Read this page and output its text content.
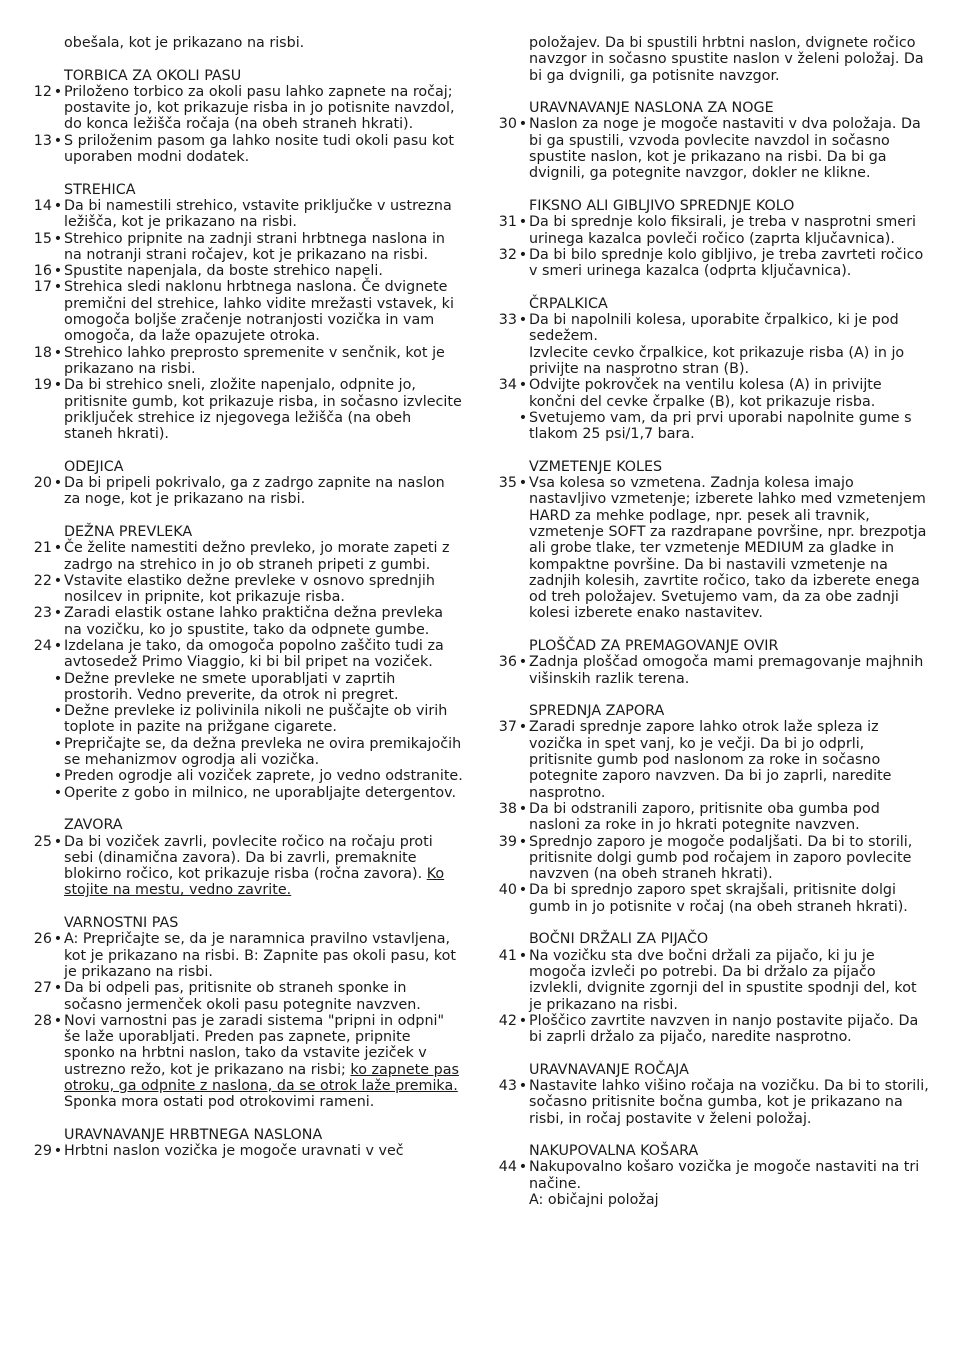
obešala, kot je prikazano na risbi.
TORBICA ZA OKOLI PASU
12 • Priloženo torbico za okoli pasu lahko zapnete na ročaj; postavite jo, kot prikazuje risba in jo potisnite navzdol, do konca ležišča ročaja (na obeh straneh hkrati).
13 • S priloženim pasom ga lahko nosite tudi okoli pasu kot uporaben modni dodatek.
STREHICA
14 • Da bi namestili strehico, vstavite priključke v ustrezna ležišča, kot je prikazano na risbi.
15 • Strehico pripnite na zadnji strani hrbtnega naslona in na notranji strani ročajev, kot je prikazano na risbi.
16 • Spustite napenjala, da boste strehico napeli.
17 • Strehica sledi naklonu hrbtnega naslona. Če dvignete premični del strehice, lahko vidite mrežasti vstavek, ki omogoča boljše zračenje notranjosti vozička in vam omogoča, da laže opazujete otroka.
18 • Strehico lahko preprosto spremenite v senčnik, kot je prikazano na risbi.
19 • Da bi strehico sneli, zložite napenjalo, odpnite jo, pritisnite gumb, kot prikazuje risba, in sočasno izvlecite priključek strehice iz njegovega ležišča (na obeh staneh hkrati).
ODEJICA
20 • Da bi pripeli pokrivalo, ga z zadrgo zapnite na naslon za noge, kot je prikazano na risbi.
DEŽNA PREVLEKA
21 • Če želite namestiti dežno prevleko, jo morate zapeti z zadrgo na strehico in jo ob straneh pripeti z gumbi.
22 • Vstavite elastiko dežne prevleke v osnovo sprednjih nosilcev in pripnite, kot prikazuje risba.
23 • Zaradi elastik ostane lahko praktična dežna prevleka na vozičku, ko jo spustite, tako da odpnete gumbe.
24 • Izdelana je tako, da omogoča popolno zaščito tudi za avtosedež Primo Viaggio, ki bi bil pripet na voziček.
• Dežne prevleke ne smete uporabljati v zaprtih prostorih. Vedno preverite, da otrok ni pregret.
• Dežne prevleke iz polivinila nikoli ne puščajte ob virih toplote in pazite na prižgane cigarete.
• Prepričajte se, da dežna prevleka ne ovira premikajočih se mehanizmov ogrodja ali vozička.
• Preden ogrodje ali voziček zaprete, jo vedno odstranite.
• Operite z gobo in milnico, ne uporabljajte detergentov.
ZAVORA
25 • Da bi voziček zavrli, povlecite ročico na ročaju proti sebi (dinamična zavora). Da bi zavrli, premaknite blokirno ročico, kot prikazuje risba (ročna zavora). Ko stojite na mestu, vedno zavrite.
VARNOSTNI PAS
26 • A: Prepričajte se, da je naramnica pravilno vstavljena, kot je prikazano na risbi. B: Zapnite pas okoli pasu, kot je prikazano na risbi.
27 • Da bi odpeli pas, pritisnite ob straneh sponke in sočasno jermenček okoli pasu potegnite navzven.
28 • Novi varnostni pas je zaradi sistema "pripni in odpni" še laže uporabljati. Preden pas zapnete, pripnite sponko na hrbtni naslon, tako da vstavite jeziček v ustrezno režo, kot je prikazano na risbi; ko zapnete pas otroku, ga odpnite z naslona, da se otrok laže premika. Sponka mora ostati pod otrokovimi rameni.
URAVNAVANJE HRBTNEGA NASLONA
29 • Hrbtni naslon vozička je mogoče uravnati v več
položajev. Da bi spustili hrbtni naslon, dvignete ročico navzgor in sočasno spustite naslon v želeni položaj. Da bi ga dvignili, ga potisnite navzgor.
URAVNAVANJE NASLONA ZA NOGE
30 • Naslon za noge je mogoče nastaviti v dva položaja. Da bi ga spustili, vzvoda povlecite navzdol in sočasno spustite naslon, kot je prikazano na risbi. Da bi ga dvignili, ga potegnite navzgor, dokler ne klikne.
FIKSNO ALI GIBLJIVO SPREDNJE KOLO
31 • Da bi sprednje kolo fiksirali, je treba v nasprotni smeri urinega kazalca povleči ročico (zaprta ključavnica).
32 • Da bi bilo sprednje kolo gibljivo, je treba zavrteti ročico v smeri urinega kazalca (odprta ključavnica).
ČRPALKICA
33 • Da bi napolnili kolesa, uporabite črpalkico, ki je pod sedežem.
Izvlecite cevko črpalkice, kot prikazuje risba (A) in jo privijte na nasprotno stran (B).
34 • Odvijte pokrovček na ventilu kolesa (A) in privijte končni del cevke črpalke (B), kot prikazuje risba.
• Svetujemo vam, da pri prvi uporabi napolnite gume s tlakom 25 psi/1,7 bara.
VZMETENJE KOLES
35 • Vsa kolesa so vzmetena. Zadnja kolesa imajo nastavljivo vzmetenje; izberete lahko med vzmetenjem HARD za mehke podlage, npr. pesek ali travnik, vzmetenje SOFT za razdrapane površine, npr. brezpotja ali grobe tlake, ter vzmetenje MEDIUM za gladke in kompaktne površine. Da bi nastavili vzmetenje na zadnjih kolesih, zavrtite ročico, tako da izberete enega od treh položajev. Svetujemo vam, da za obe zadnji kolesi izberete enako nastavitev.
PLOŠČAD ZA PREMAGOVANJE OVIR
36 • Zadnja ploščad omogoča mami premagovanje majhnih višinskih razlik terena.
SPREDNJA ZAPORA
37 • Zaradi sprednje zapore lahko otrok laže spleza iz vozička in spet vanj, ko je večji. Da bi jo odprli, pritisnite gumb pod naslonom za roke in sočasno potegnite zaporo navzven. Da bi jo zaprli, naredite nasprotno.
38 • Da bi odstranili zaporo, pritisnite oba gumba pod nasloni za roke in jo hkrati potegnite navzven.
39 • Sprednjo zaporo je mogoče podaljšati. Da bi to storili, pritisnite dolgi gumb pod ročajem in zaporo povlecite navzven (na obeh straneh hkrati).
40 • Da bi sprednjo zaporo spet skrajšali, pritisnite dolgi gumb in jo potisnite v ročaj (na obeh straneh hkrati).
BOČNI DRŽALI ZA PIJAČO
41 • Na vozičku sta dve bočni držali za pijačo, ki ju je mogoča izvleči po potrebi. Da bi držalo za pijačo izvlekli, dvignite zgornji del in spustite spodnji del, kot je prikazano na risbi.
42 • Ploščico zavrtite navzven in nanjo postavite pijačo. Da bi zaprli držalo za pijačo, naredite nasprotno.
URAVNAVANJE ROČAJA
43 • Nastavite lahko višino ročaja na vozičku. Da bi to storili, sočasno pritisnite bočna gumba, kot je prikazano na risbi, in ročaj postavite v želeni položaj.
NAKUPOVALNA KOŠARA
44 • Nakupovalno košaro vozička je mogoče nastaviti na tri načine.
A: običajni položaj
